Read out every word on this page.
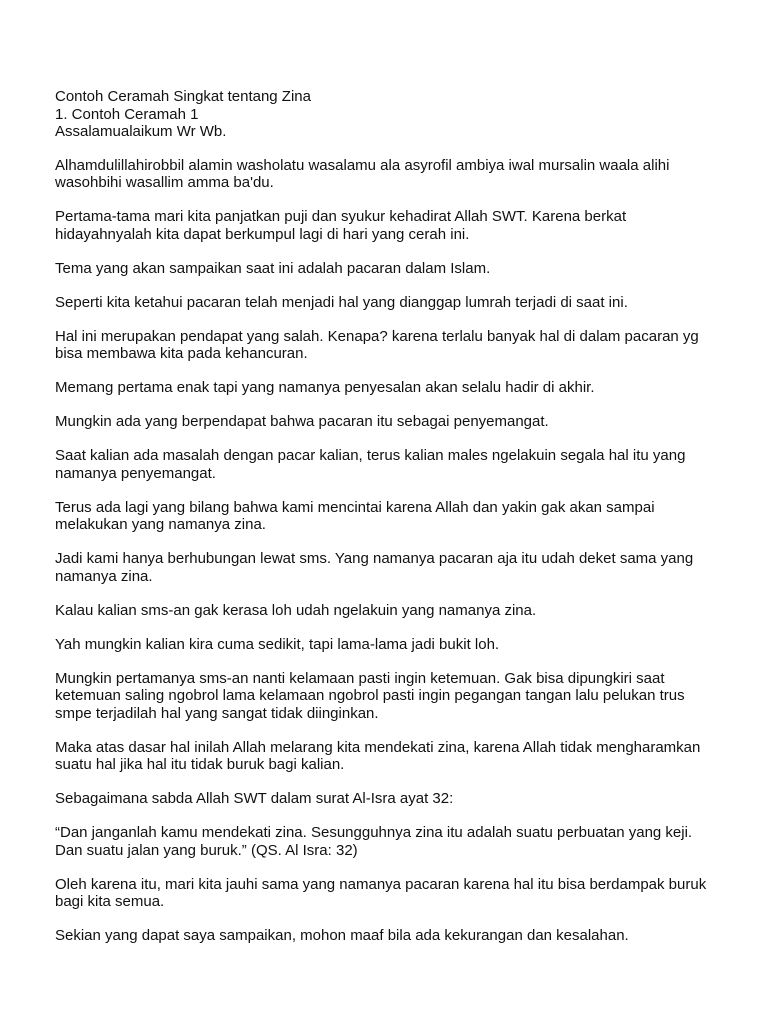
Contoh Ceramah Singkat tentang Zina
1. Contoh Ceramah 1
Assalamualaikum Wr Wb.

Alhamdulillahirobbil alamin washolatu wasalamu ala asyrofil ambiya iwal mursalin waala alihi wasohbihi wasallim amma ba'du.

Pertama-tama mari kita panjatkan puji dan syukur kehadirat Allah SWT. Karena berkat hidayahnyalah kita dapat berkumpul lagi di hari yang cerah ini.

Tema yang akan sampaikan saat ini adalah pacaran dalam Islam.

Seperti kita ketahui pacaran telah menjadi hal yang dianggap lumrah terjadi di saat ini.

Hal ini merupakan pendapat yang salah. Kenapa? karena terlalu banyak hal di dalam pacaran yg bisa membawa kita pada kehancuran.

Memang pertama enak tapi yang namanya penyesalan akan selalu hadir di akhir.

Mungkin ada yang berpendapat bahwa pacaran itu sebagai penyemangat.

Saat kalian ada masalah dengan pacar kalian, terus kalian males ngelakuin segala hal itu yang namanya penyemangat.

Terus ada lagi yang bilang bahwa kami mencintai karena Allah dan yakin gak akan sampai melakukan yang namanya zina.

Jadi kami hanya berhubungan lewat sms. Yang namanya pacaran aja itu udah deket sama yang namanya zina.

Kalau kalian sms-an gak kerasa loh udah ngelakuin yang namanya zina.

Yah mungkin kalian kira cuma sedikit, tapi lama-lama jadi bukit loh.

Mungkin pertamanya sms-an nanti kelamaan pasti ingin ketemuan. Gak bisa dipungkiri saat ketemuan saling ngobrol lama kelamaan ngobrol pasti ingin pegangan tangan lalu pelukan trus smpe terjadilah hal yang sangat tidak diinginkan.

Maka atas dasar hal inilah Allah melarang kita mendekati zina, karena Allah tidak mengharamkan suatu hal jika hal itu tidak buruk bagi kalian.

Sebagaimana sabda Allah SWT dalam surat Al-Isra ayat 32:

“Dan janganlah kamu mendekati zina. Sesungguhnya zina itu adalah suatu perbuatan yang keji. Dan suatu jalan yang buruk.” (QS. Al Isra: 32)

Oleh karena itu, mari kita jauhi sama yang namanya pacaran karena hal itu bisa berdampak buruk bagi kita semua.

Sekian yang dapat saya sampaikan, mohon maaf bila ada kekurangan dan kesalahan.
